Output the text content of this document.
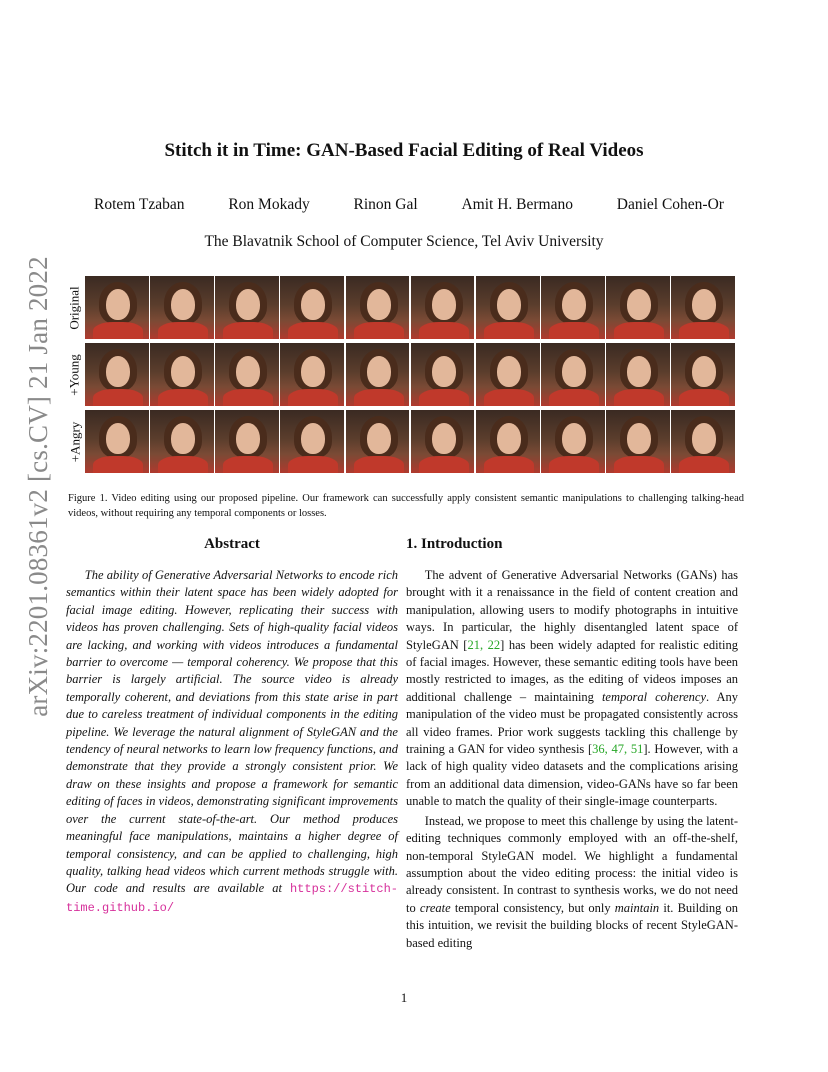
arXiv:2201.08361v2 [cs.CV] 21 Jan 2022
Stitch it in Time: GAN-Based Facial Editing of Real Videos
Rotem Tzaban	Ron Mokady	Rinon Gal	Amit H. Bermano	Daniel Cohen-Or
The Blavatnik School of Computer Science, Tel Aviv University
Original
+Young
+Angry
Figure 1. Video editing using our proposed pipeline. Our framework can successfully apply consistent semantic manipulations to challenging talking-head videos, without requiring any temporal components or losses.
Abstract

The ability of Generative Adversarial Networks to encode rich semantics within their latent space has been widely adopted for facial image editing. However, replicating their success with videos has proven challenging. Sets of high-quality facial videos are lacking, and working with videos introduces a fundamental barrier to overcome — temporal coherency. We propose that this barrier is largely artificial. The source video is already temporally coherent, and deviations from this state arise in part due to careless treatment of individual components in the editing pipeline. We leverage the natural alignment of StyleGAN and the tendency of neural networks to learn low frequency functions, and demonstrate that they provide a strongly consistent prior. We draw on these insights and propose a framework for semantic editing of faces in videos, demonstrating significant improvements over the current state-of-the-art. Our method produces meaningful face manipulations, maintains a higher degree of temporal consistency, and can be applied to challenging, high quality, talking head videos which current methods struggle with. Our code and results are available at https://stitch-time.github.io/

1. Introduction

The advent of Generative Adversarial Networks (GANs) has brought with it a renaissance in the field of content creation and manipulation, allowing users to modify photographs in intuitive ways. In particular, the highly disentangled latent space of StyleGAN [21, 22] has been widely adapted for realistic editing of facial images. However, these semantic editing tools have been mostly restricted to images, as the editing of videos imposes an additional challenge – maintaining temporal coherency. Any manipulation of the video must be propagated consistently across all video frames. Prior work suggests tackling this challenge by training a GAN for video synthesis [36, 47, 51]. However, with a lack of high quality video datasets and the complications arising from an additional data dimension, video-GANs have so far been unable to match the quality of their single-image counterparts.

Instead, we propose to meet this challenge by using the latent-editing techniques commonly employed with an off-the-shelf, non-temporal StyleGAN model. We highlight a fundamental assumption about the video editing process: the initial video is already consistent. In contrast to synthesis works, we do not need to create temporal consistency, but only maintain it. Building on this intuition, we revisit the building blocks of recent StyleGAN-based editing

1
